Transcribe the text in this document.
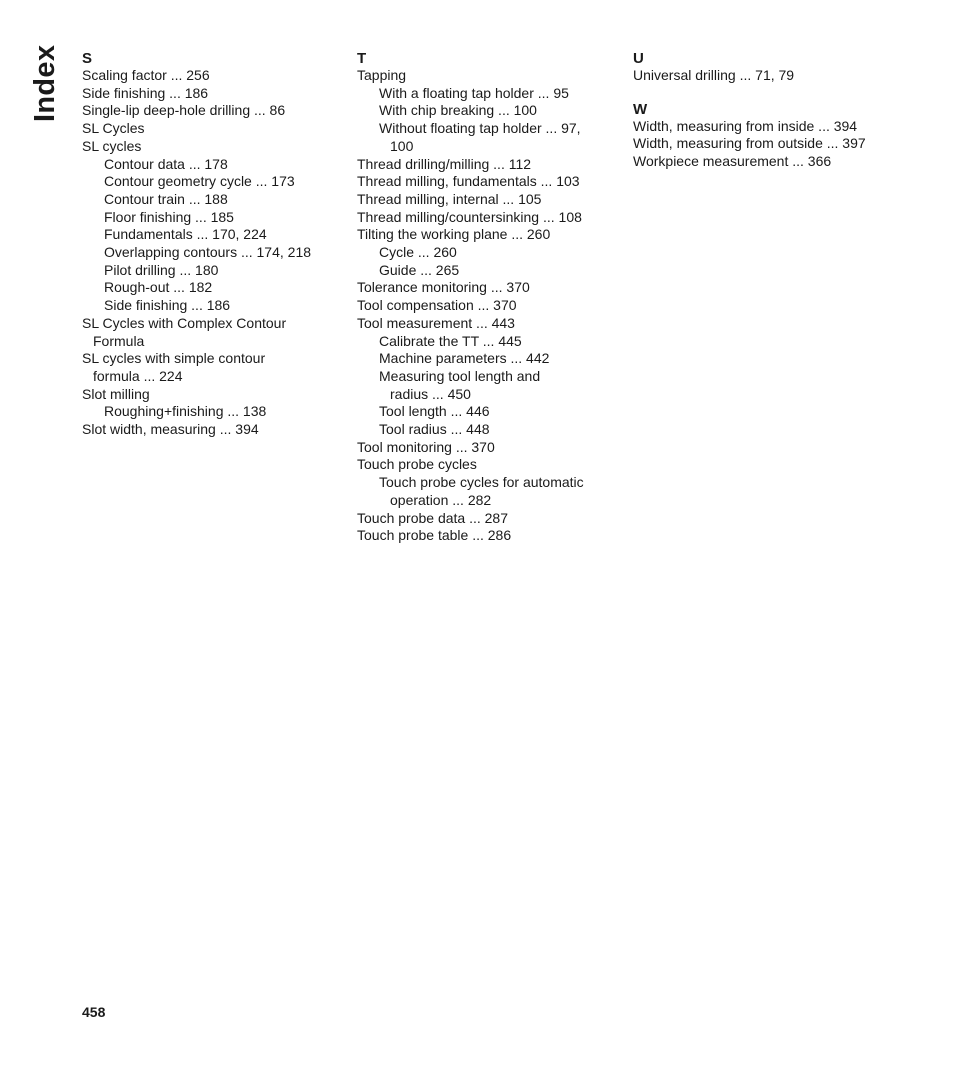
Index S
Scaling factor ... 256
Side finishing ... 186
Single-lip deep-hole drilling ... 86
SL Cycles
SL cycles
Contour data ... 178
Contour geometry cycle ... 173
Contour train ... 188
Floor finishing ... 185
Fundamentals ... 170, 224
Overlapping contours ... 174, 218
Pilot drilling ... 180
Rough-out ... 182
Side finishing ... 186
SL Cycles with Complex Contour
Formula
SL cycles with simple contour
formula ... 224
Slot milling
Roughing+finishing ... 138
Slot width, measuring ... 394
T
Tapping
With a floating tap holder ... 95
With chip breaking ... 100
Without floating tap holder ... 97,
100
Thread drilling/milling ... 112
Thread milling, fundamentals ... 103
Thread milling, internal ... 105
Thread milling/countersinking ... 108
Tilting the working plane ... 260
Cycle ... 260
Guide ... 265
Tolerance monitoring ... 370
Tool compensation ... 370
Tool measurement ... 443
Calibrate the TT ... 445
Machine parameters ... 442
Measuring tool length and
radius ... 450
Tool length ... 446
Tool radius ... 448
Tool monitoring ... 370
Touch probe cycles
Touch probe cycles for automatic
operation ... 282
Touch probe data ... 287
Touch probe table ... 286
U
Universal drilling ... 71, 79
W
Width, measuring from inside ... 394
Width, measuring from outside ... 397
Workpiece measurement ... 366
458
